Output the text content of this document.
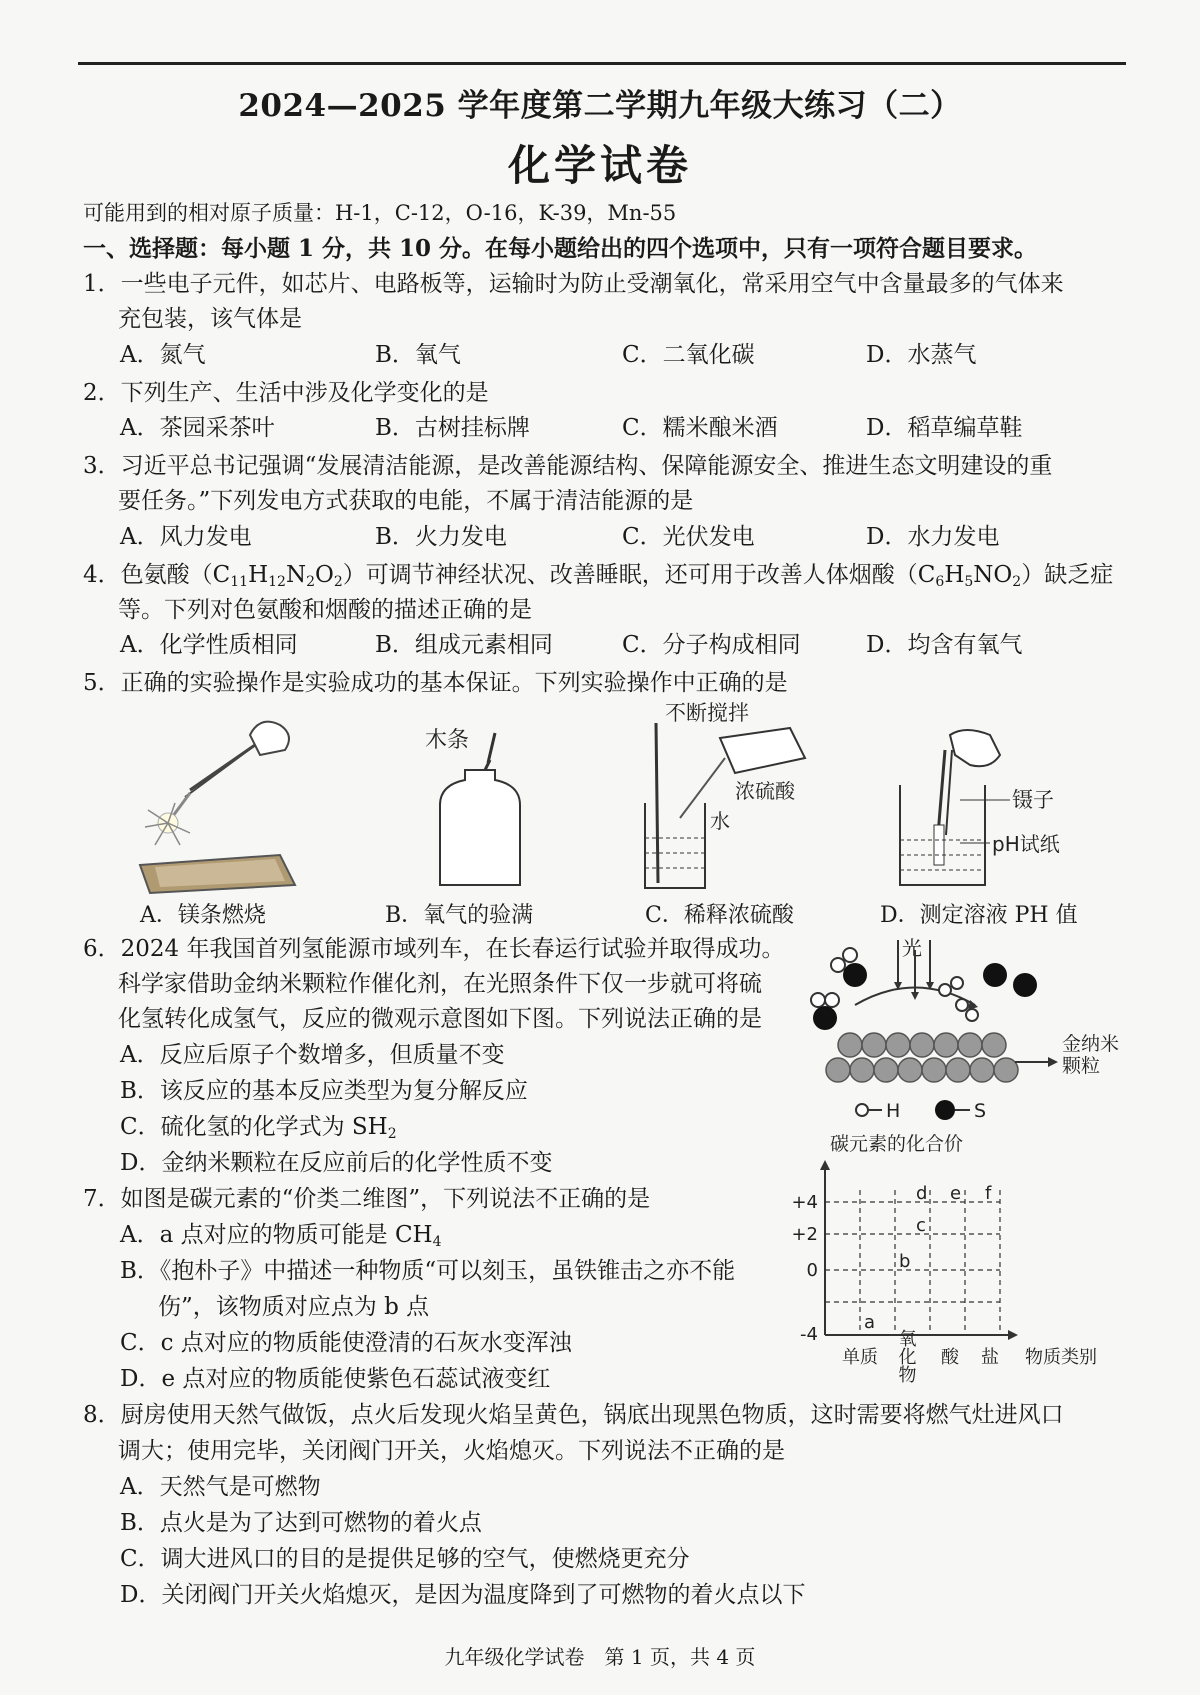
2024—2025 学年度第二学期九年级大练习（二）
化学试卷
可能用到的相对原子质量：H-1，C-12，O-16，K-39，Mn-55
一、选择题：每小题 1 分，共 10 分。在每小题给出的四个选项中，只有一项符合题目要求。
1．一些电子元件，如芯片、电路板等，运输时为防止受潮氧化，常采用空气中含量最多的气体来
充包装，该气体是
A．氮气	B．氧气	C．二氧化碳	D．水蒸气
2．下列生产、生活中涉及化学变化的是
A．茶园采茶叶	B．古树挂标牌	C．糯米酿米酒	D．稻草编草鞋
3．习近平总书记强调“发展清洁能源，是改善能源结构、保障能源安全、推进生态文明建设的重
要任务。”下列发电方式获取的电能，不属于清洁能源的是
A．风力发电	B．火力发电	C．光伏发电	D．水力发电
4．色氨酸$(C_{11}H_{12}N_2O_2)$可调节神经状况、改善睡眠，还可用于改善人体烟酸$(C_6H_5NO_2)$缺乏症
等。下列对色氨酸和烟酸的描述正确的是
A．化学性质相同	B．组成元素相同	C．分子构成相同	D．均含有氧气
5．正确的实验操作是实验成功的基本保证。下列实验操作中正确的是
木条
不断搅拌
浓硫酸
水
镊子
pH试纸
A．镁条燃烧	B．氧气的验满	C．稀释浓硫酸	D．测定溶液 PH 值
6．2024 年我国首列氢能源市域列车，在长春运行试验并取得成功。
科学家借助金纳米颗粒作催化剂，在光照条件下仅一步就可将硫
化氢转化成氢气，反应的微观示意图如下图。下列说法正确的是
A．反应后原子个数增多，但质量不变
B．该反应的基本反应类型为复分解反应
C．硫化氢的化学式为 $SH_2$
D．金纳米颗粒在反应前后的化学性质不变
光
金纳米
颗粒
H	S
7．如图是碳元素的“价类二维图”，下列说法不正确的是
A．a 点对应的物质可能是 $CH_4$
B．《抱朴子》中描述一种物质“可以刻玉，虽铁锥击之亦不能
伤”，该物质对应点为 b 点
C．c 点对应的物质能使澄清的石灰水变浑浊
D．e 点对应的物质能使紫色石蕊试液变红
碳元素的化合价
+4
+2
0
-4
a
b
c
d e f
单质	酸 盐 物质类别
氧化物
8．厨房使用天然气做饭，点火后发现火焰呈黄色，锅底出现黑色物质，这时需要将燃气灶进风口
调大；使用完毕，关闭阀门开关，火焰熄灭。下列说法不正确的是
A．天然气是可燃物
B．点火是为了达到可燃物的着火点
C．调大进风口的目的是提供足够的空气，使燃烧更充分
D．关闭阀门开关火焰熄灭，是因为温度降到了可燃物的着火点以下
九年级化学试卷　第 1 页，共 4 页
